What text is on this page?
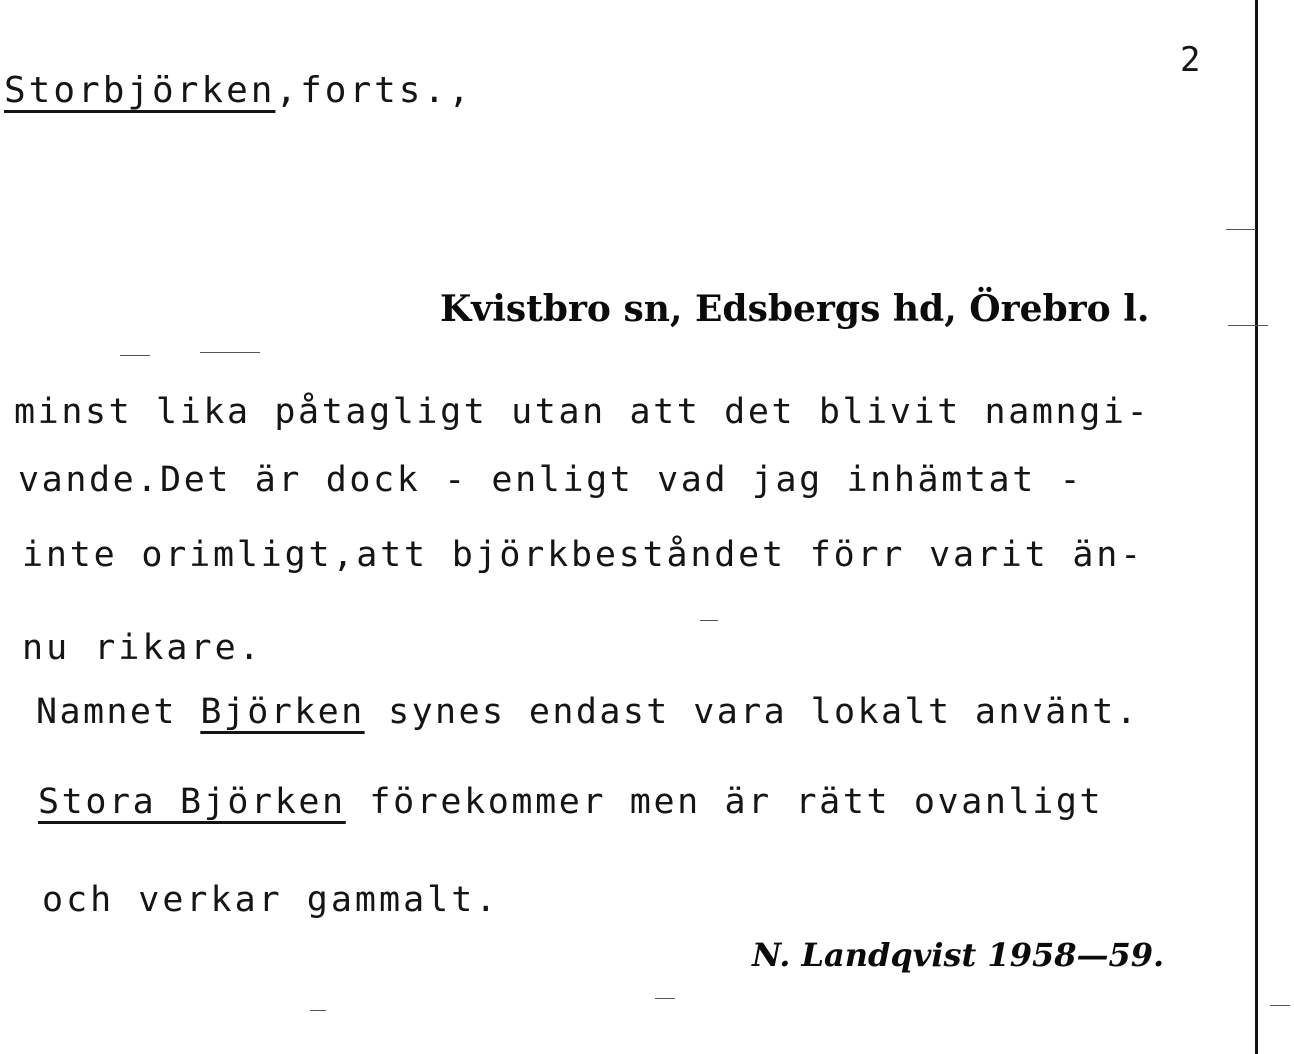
2
Storbjörken,forts.,
Kvistbro sn, Edsbergs hd, Örebro l.
minst lika påtagligt utan att det blivit namngi-
vande.Det är dock - enligt vad jag inhämtat -
inte orimligt,att björkbeståndet förr varit än-
nu rikare.
Namnet Björken synes endast vara lokalt använt.
Stora Björken förekommer men är rätt ovanligt
och verkar gammalt.
N. Landqvist 1958—59.
